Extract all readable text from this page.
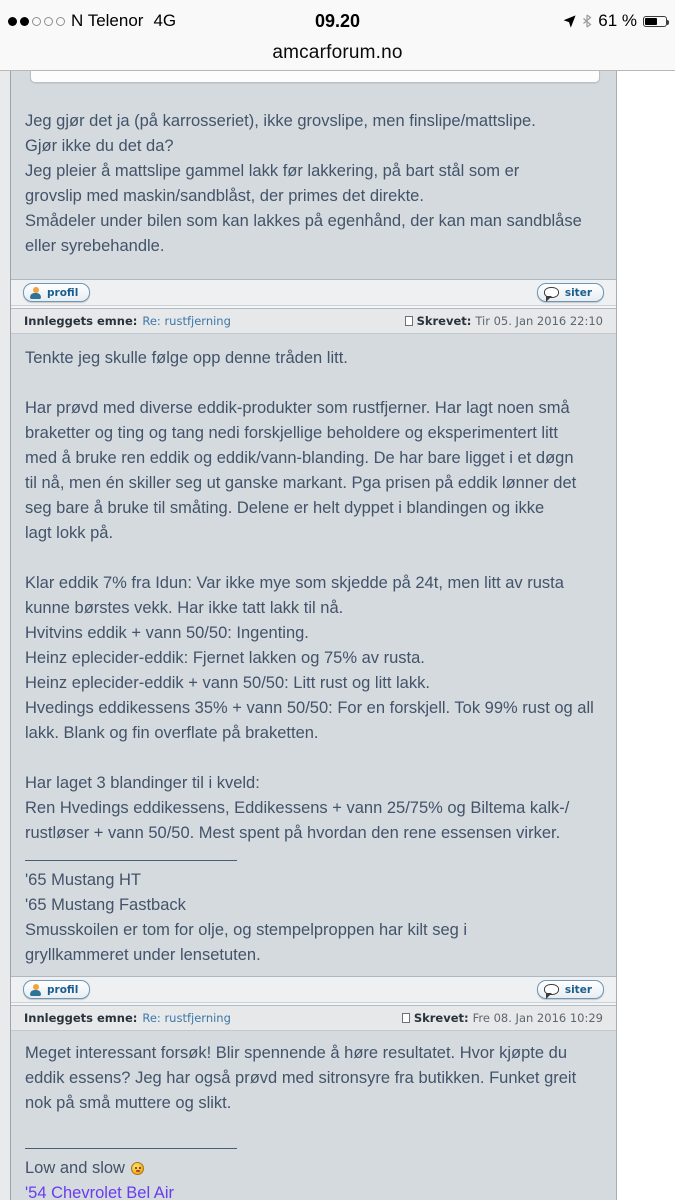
N Telenor 4G	09.20	61 %
amcarforum.no
Jeg gjør det ja (på karrosseriet), ikke grovslipe, men finslipe/mattslipe.
Gjør ikke du det da?
Jeg pleier å mattslipe gammel lakk før lakkering, på bart stål som er
grovslip med maskin/sandblåst, der primes det direkte.
Smådeler under bilen som kan lakkes på egenhånd, der kan man sandblåse
eller syrebehandle.
profil	siter
Innleggets emne: Re: rustfjerning	Skrevet: Tir 05. Jan 2016 22:10
Tenkte jeg skulle følge opp denne tråden litt.

Har prøvd med diverse eddik-produkter som rustfjerner. Har lagt noen små
braketter og ting og tang nedi forskjellige beholdere og eksperimentert litt
med å bruke ren eddik og eddik/vann-blanding. De har bare ligget i et døgn
til nå, men én skiller seg ut ganske markant. Pga prisen på eddik lønner det
seg bare å bruke til småting. Delene er helt dyppet i blandingen og ikke
lagt lokk på.

Klar eddik 7% fra Idun: Var ikke mye som skjedde på 24t, men litt av rusta
kunne børstes vekk. Har ikke tatt lakk til nå.
Hvitvins eddik + vann 50/50: Ingenting.
Heinz eplecider-eddik: Fjernet lakken og 75% av rusta.
Heinz eplecider-eddik + vann 50/50: Litt rust og litt lakk.
Hvedings eddikessens 35% + vann 50/50: For en forskjell. Tok 99% rust og all
lakk. Blank og fin overflate på braketten.

Har laget 3 blandinger til i kveld:
Ren Hvedings eddikessens, Eddikessens + vann 25/75% og Biltema kalk-/
rustløser + vann 50/50. Mest spent på hvordan den rene essensen virker.
'65 Mustang HT
'65 Mustang Fastback
Smusskoilen er tom for olje, og stempelproppen har kilt seg i
gryllkammeret under lensetuten.
profil	siter
Innleggets emne: Re: rustfjerning	Skrevet: Fre 08. Jan 2016 10:29
Meget interessant forsøk! Blir spennende å høre resultatet. Hvor kjøpte du
eddik essens? Jeg har også prøvd med sitronsyre fra butikken. Funket greit
nok på små muttere og slikt.
Low and slow
'54 Chevrolet Bel Air
